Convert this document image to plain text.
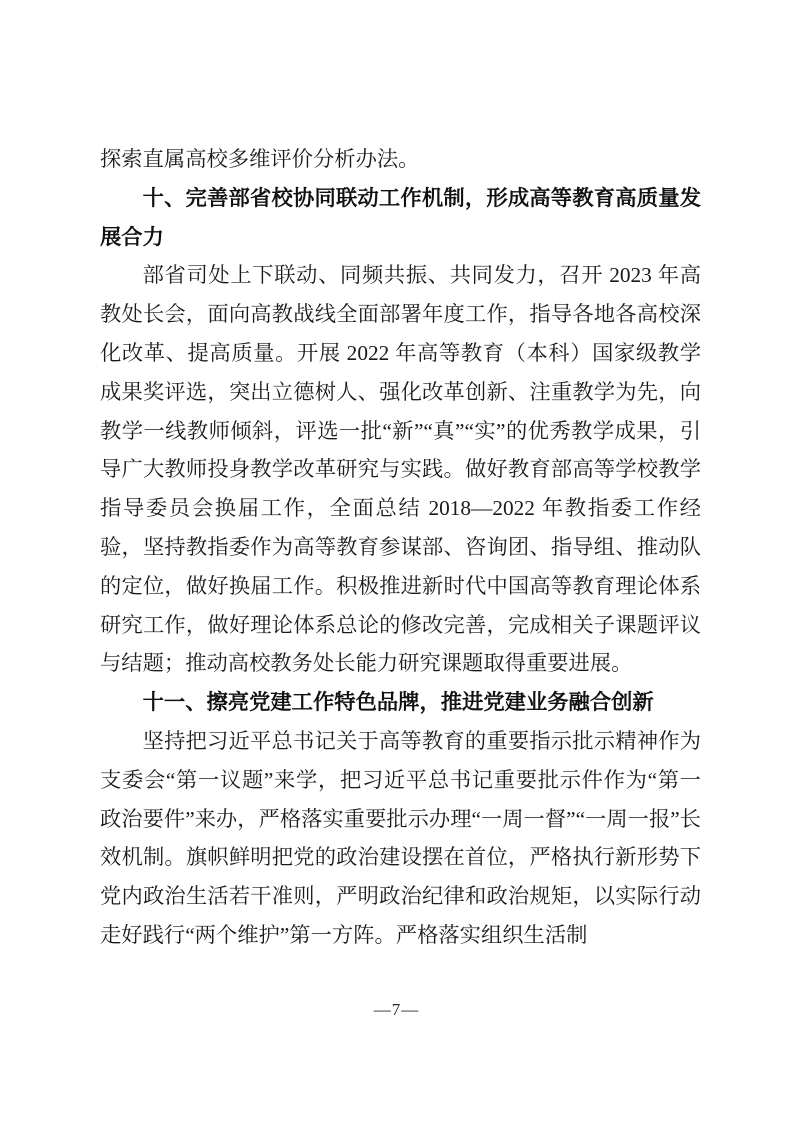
探索直属高校多维评价分析办法。

十、完善部省校协同联动工作机制，形成高等教育高质量发展合力

部省司处上下联动、同频共振、共同发力，召开 2023 年高教处长会，面向高教战线全面部署年度工作，指导各地各高校深化改革、提高质量。开展 2022 年高等教育（本科）国家级教学成果奖评选，突出立德树人、强化改革创新、注重教学为先，向教学一线教师倾斜，评选一批“新”“真”“实”的优秀教学成果，引导广大教师投身教学改革研究与实践。做好教育部高等学校教学指导委员会换届工作，全面总结 2018—2022 年教指委工作经验，坚持教指委作为高等教育参谋部、咨询团、指导组、推动队的定位，做好换届工作。积极推进新时代中国高等教育理论体系研究工作，做好理论体系总论的修改完善，完成相关子课题评议与结题；推动高校教务处长能力研究课题取得重要进展。

十一、擦亮党建工作特色品牌，推进党建业务融合创新

坚持把习近平总书记关于高等教育的重要指示批示精神作为支委会“第一议题”来学，把习近平总书记重要批示件作为“第一政治要件”来办，严格落实重要批示办理“一周一督”“一周一报”长效机制。旗帜鲜明把党的政治建设摆在首位，严格执行新形势下党内政治生活若干准则，严明政治纪律和政治规矩，以实际行动走好践行“两个维护”第一方阵。严格落实组织生活制

—7—
